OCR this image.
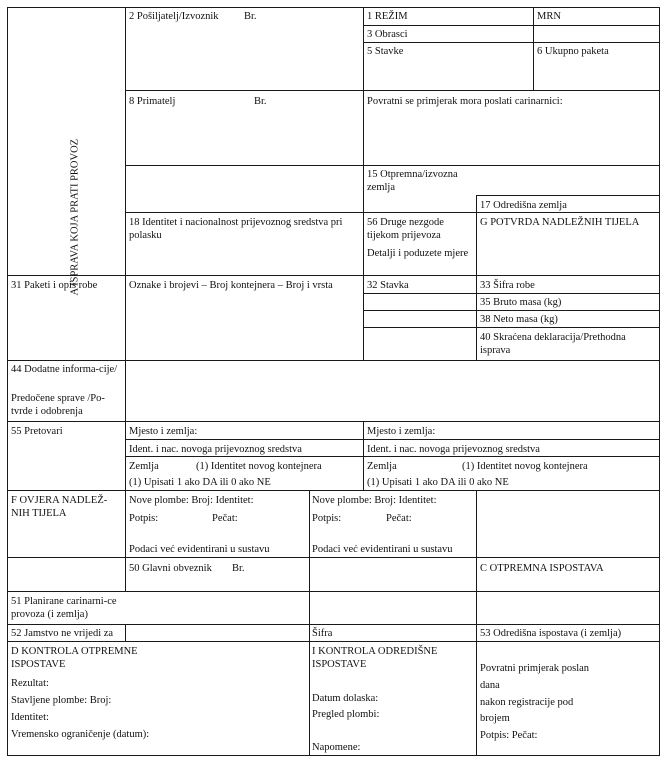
A ISPRAVA KOJA PRATI PROVOZ
2 Pošiljatelj/Izvoznik Br.	1 REŽIM	MRN
3 Obrasci
5 Stavke	6 Ukupno paketa
8 Primatelj	Br.	Povratni se primjerak mora poslati carinarnici:
15 Otpremna/izvozna zemlja
17 Odredišna zemlja
18 Identitet i nacionalnost prijevoznog sredstva pri polasku
56 Druge nezgode tijekom prijevoza
Detalji i poduzete mjere
G POTVRDA NADLEŽNIH TIJELA
31 Paketi i opis robe	Oznake i brojevi – Broj kontejnera – Broj i vrsta	32 Stavka	33 Šifra robe
35 Bruto masa (kg)
38 Neto masa (kg)
40 Skraćena deklaracija/Prethodna isprava
44 Dodatne informa-cije/
Predočene sprave /Po-tvrde i odobrenja
55 Pretovari	Mjesto i zemlja:	Mjesto i zemlja:
Ident. i nac. novoga prijevoznog sredstva	Ident. i nac. novoga prijevoznog sredstva
Zemlja	(1) Identitet novog kontejnera	Zemlja	(1) Identitet novog kontejnera
(1) Upisati 1 ako DA ili 0 ako NE	(1) Upisati 1 ako DA ili 0 ako NE
F OVJERA NADLEŽ-NIH TIJELA
Nove plombe: Broj: Identitet:	Nove plombe: Broj: Identitet:
Potpis:	Pečat:	Potpis:	Pečat:
Podaci već evidentirani u sustavu	Podaci već evidentirani u sustavu
50 Glavni obveznik Br.	C OTPREMNA ISPOSTAVA
51 Planirane carinarni-ce provoza (i zemlja)
52 Jamstvo ne vrijedi za	Šifra	53 Odredišna ispostava (i zemlja)
D KONTROLA OTPREMNE ISPOSTAVE
Rezultat:
Stavljene plombe: Broj:
Identitet:
Vremensko ograničenje (datum):
I KONTROLA ODREDIŠNE ISPOSTAVE
Datum dolaska:
Pregled plombi:
Napomene:
Povratni primjerak poslan
dana
nakon registracije pod
brojem
Potpis: Pečat:
